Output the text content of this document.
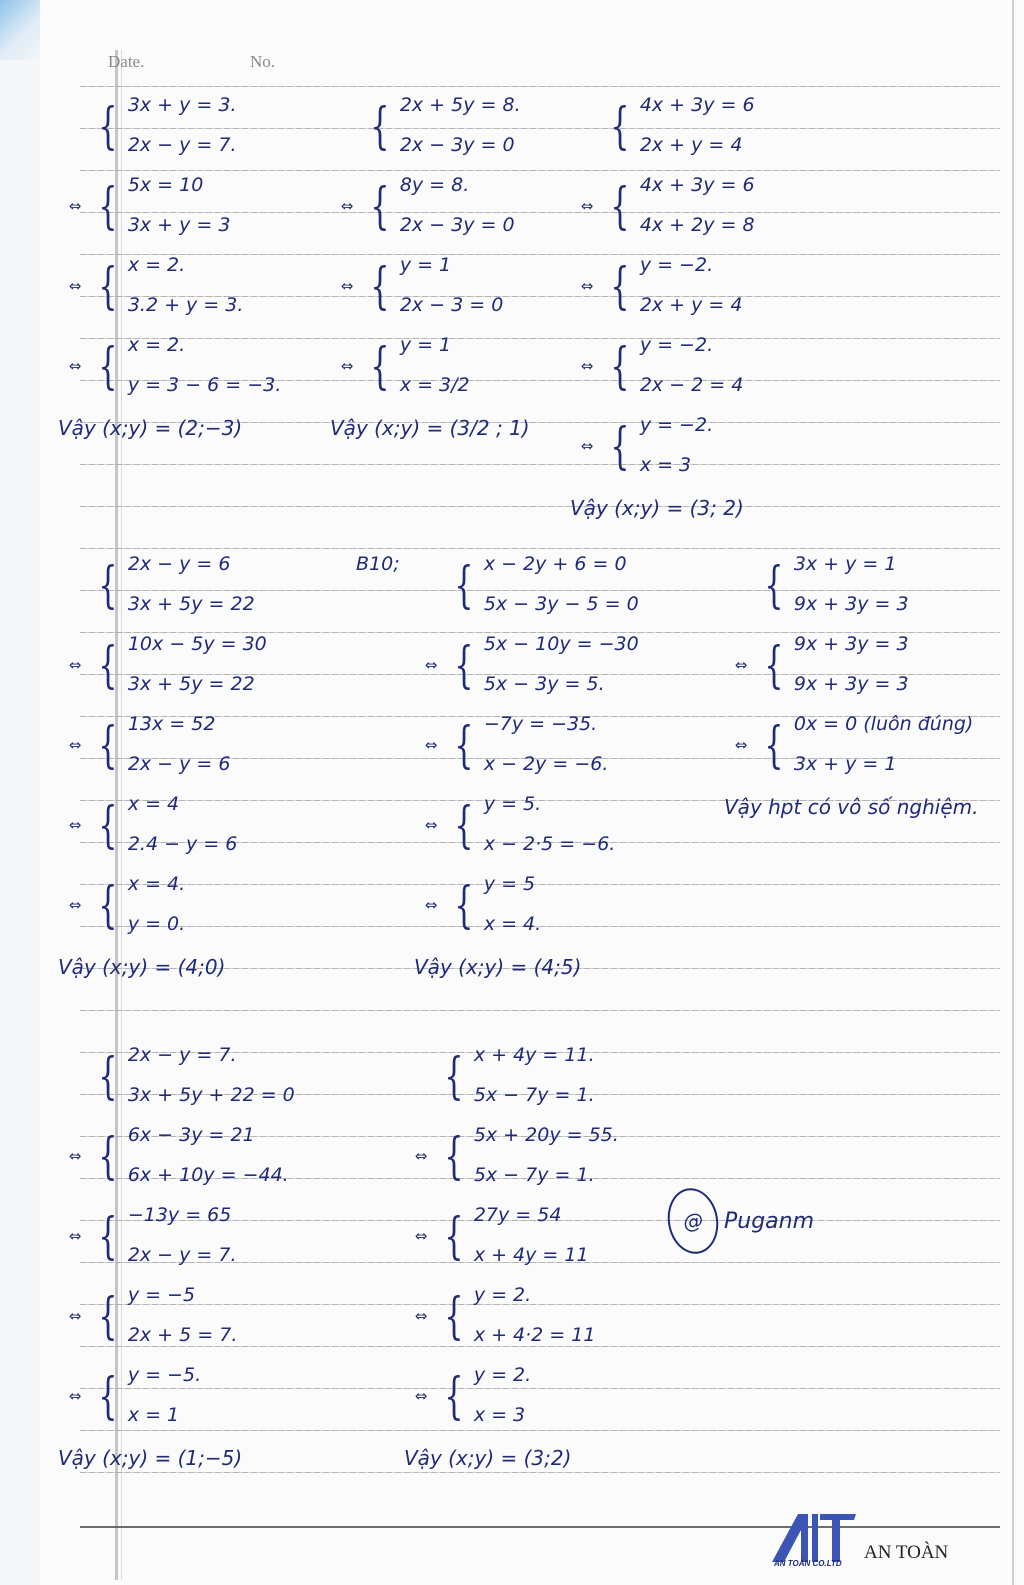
Date.	No.
B10;
{ 3x + y = 3.
2x − y = 7.
⇔ { 5x = 10
3x + y = 3
⇔ { x = 2.
3.2 + y = 3.
⇔ { x = 2.
y = 3 − 6 = −3.
Vậy (x;y) = (2;−3)
{ 2x + 5y = 8.
2x − 3y = 0
⇔ { 8y = 8.
2x − 3y = 0
⇔ { y = 1
2x − 3 = 0
⇔ { y = 1
x = 3/2
Vậy (x;y) = (3/2 ; 1)
{ 4x + 3y = 6
2x + y = 4
⇔ { 4x + 3y = 6
4x + 2y = 8
⇔ { y = −2.
2x + y = 4
⇔ { y = −2.
2x − 2 = 4
⇔ { y = −2.
x = 3
Vậy (x;y) = (3; 2)
{ 2x − y = 6
3x + 5y = 22
⇔ { 10x − 5y = 30
3x + 5y = 22
⇔ { 13x = 52
2x − y = 6
⇔ { x = 4
2.4 − y = 6
⇔ { x = 4.
y = 0.
Vậy (x;y) = (4;0)
{ x − 2y + 6 = 0
5x − 3y − 5 = 0
⇔ { 5x − 10y = −30
5x − 3y = 5.
⇔ { −7y = −35.
x − 2y = −6.
⇔ { y = 5.
x − 2·5 = −6.
⇔ { y = 5
x = 4.
Vậy (x;y) = (4;5)
{ 3x + y = 1
9x + 3y = 3
⇔ { 9x + 3y = 3
9x + 3y = 3
⇔ { 0x = 0 (luôn đúng)
3x + y = 1
Vậy hpt có vô số nghiệm.
{ 2x − y = 7.
3x + 5y + 22 = 0
⇔ { 6x − 3y = 21
6x + 10y = −44.
⇔ { −13y = 65
2x − y = 7.
⇔ { y = −5
2x + 5 = 7.
⇔ { y = −5.
x = 1
Vậy (x;y) = (1;−5)
{ x + 4y = 11.
5x − 7y = 1.
⇔ { 5x + 20y = 55.
5x − 7y = 1.
⇔ { 27y = 54
x + 4y = 11
⇔ { y = 2.
x + 4·2 = 11
⇔ { y = 2.
x = 3
Vậy (x;y) = (3;2)
@ Puganm
AN TOÀN CO.LTD
AN TOÀN
